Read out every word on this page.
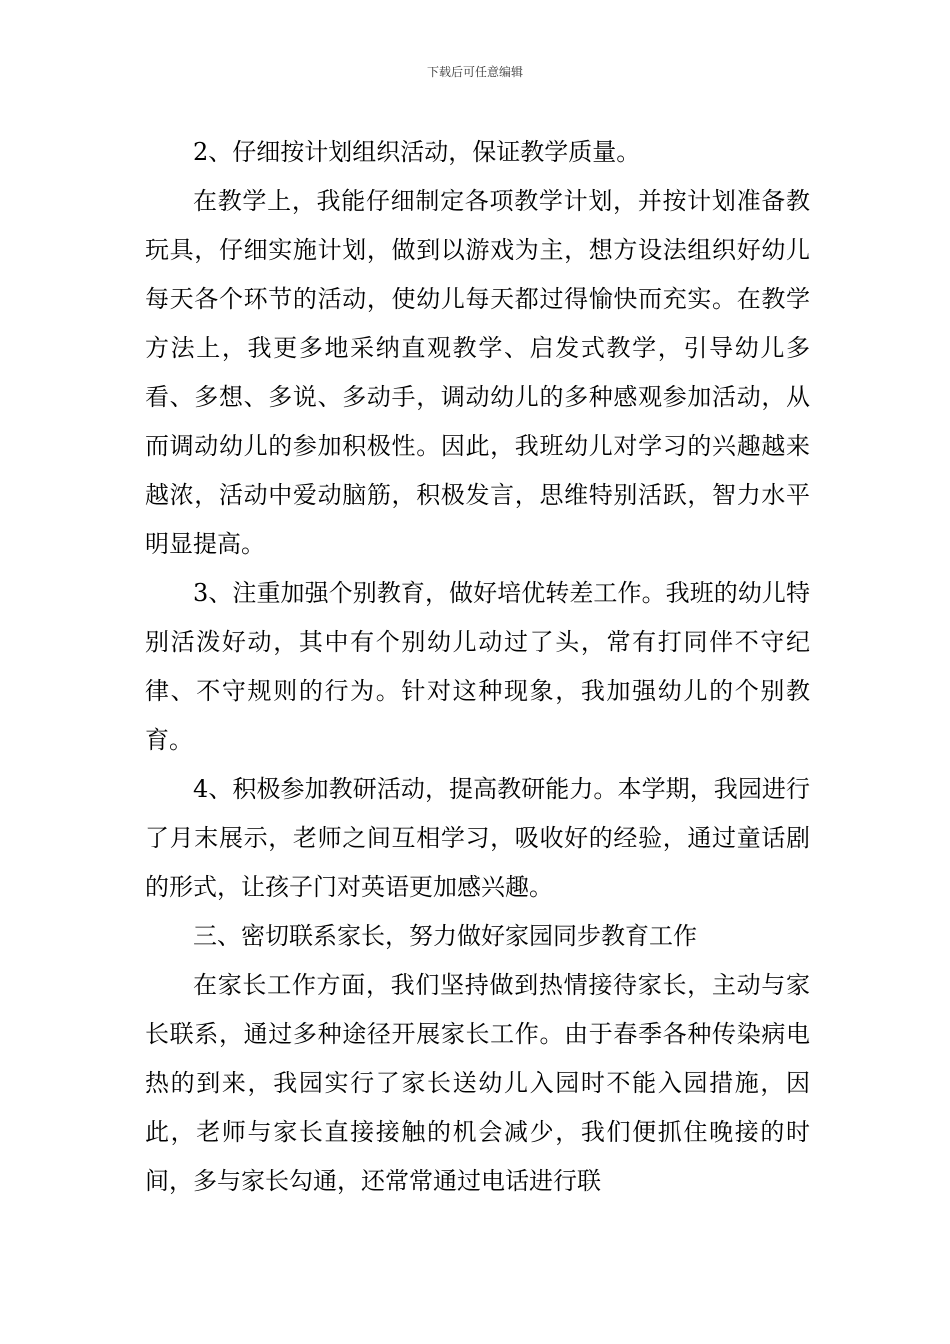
下载后可任意编辑

2、仔细按计划组织活动，保证教学质量。

在教学上，我能仔细制定各项教学计划，并按计划准备教玩具，仔细实施计划，做到以游戏为主，想方设法组织好幼儿每天各个环节的活动，使幼儿每天都过得愉快而充实。在教学方法上，我更多地采纳直观教学、启发式教学，引导幼儿多看、多想、多说、多动手，调动幼儿的多种感观参加活动，从而调动幼儿的参加积极性。因此，我班幼儿对学习的兴趣越来越浓，活动中爱动脑筋，积极发言，思维特别活跃，智力水平明显提高。

3、注重加强个别教育，做好培优转差工作。我班的幼儿特别活泼好动，其中有个别幼儿动过了头，常有打同伴不守纪律、不守规则的行为。针对这种现象，我加强幼儿的个别教育。

4、积极参加教研活动，提高教研能力。本学期，我园进行了月末展示，老师之间互相学习，吸收好的经验，通过童话剧的形式，让孩子门对英语更加感兴趣。

三、密切联系家长，努力做好家园同步教育工作

在家长工作方面，我们坚持做到热情接待家长，主动与家长联系，通过多种途径开展家长工作。由于春季各种传染病电热的到来，我园实行了家长送幼儿入园时不能入园措施，因此，老师与家长直接接触的机会减少，我们便抓住晚接的时间，多与家长勾通，还常常通过电话进行联
